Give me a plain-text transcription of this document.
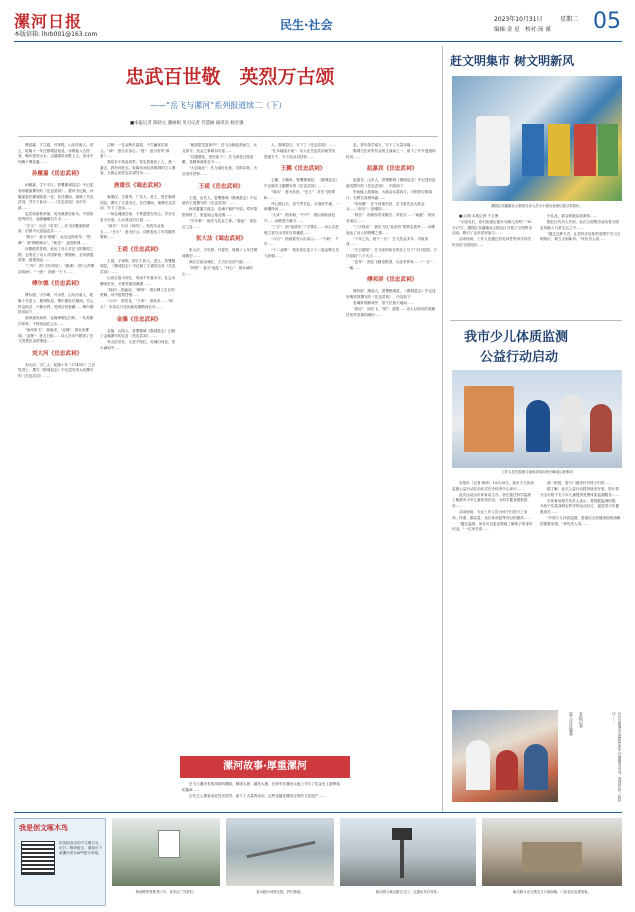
漯河日报
本版信箱: lhrb001@163.com
民生·社会	2023年10月31日	星期二
编辑:金 星　校对:汤 谨 05
忠武百世敬　英烈万古颂
——“岳飞与漯河”系列报道续二（下）
■本报记者 陈晗元 潘丽娟 见习记者 乔慧丽 通讯员 杨宏强

傅廷襄，字立德，号別孤，山东济南人。进士，乾隆十一年任鄢城县知县，诗歌能入白居易，晚年爱好山水，志趣超卓诗歌上文，但诗中均赖于傅廷襄……

孙履嘉《岳忠武祠》

孙履嘉，生于平江，曾署鄢城县志》中记述有孙履嘉撰写的《岳忠武祠》。据该书记载，孙履嘉曾任鄢城知县一任，在任期间，重修了岳忠武祠，并写下此诗……《岳忠武祠》诗中写道……

忠武祠前秋草深，英风凛凛至如今。中原恢复终何日，庙貌巍峨自古今……

"宇文"：出自《宋史》，岳飞因遭诬陷被害，后被平反追谥忠武……

"明日"：意为"明朝"，此处也指来年。"铁骑"：即"精锐骑兵"。"黄龙"：金国都城……

诗歌借景抒情，表达了诗人对岳飞的敬仰之情，也寄托了诗人对国家统一的期盼。全诗情感真挚，意境深远……

"三军"：指"古代军队"；"鼎沸"：指"人声嘈杂喧闹"。"一统"：指统一天下……

傅尔德《岳忠武祠》

傅尔德，字中峰，号余景，山东济南人，乾隆十年进士，鄢城知县。傅尔德在任期间，关心民众疾苦，兴修水利，受到百姓爱戴……傅尔德的诗如下：

南州战伐何时，北阙烽烟忆旧时。一代英雄归草莽，千秋祠庙托云山……

"南州来飞"：指南宋，"北阙"：指北宋都城。"奋挥"：犹言扫除……诗人在诗中歌颂了岳飞英勇抗金的事迹……

刘大河《岳忠武祠》

刘大河，字仁人，乾隆十年（1745年）之后时进士，撰写《鄢城县志》中记述有刘大河撰写的《岳忠武祠》……

注释：一往金辉日暮春，千古幽忧托寒云。"神"：意为全身心。"意"：意为有所"深意"……

我原本不将此祠堂，你怎看看泉上人，我一番去，我有何处去。乾隆年间往来鄢城的文人墨客，大都会到岳忠武祠凭吊……

唐重仪《谒忠武祠》

唐重仪，字重秀，广东人，进士，曾任鄢城知县，撰写了大量诗文。在任期间，重修岳忠武祠，写下了此诗……

一角忠魂凛岳神，千秋遗恨在风尘。亭台无复当年迹，山水犹存旧日春……

"神功"：出自《神功》，形容功业伟大……"岳少"：意为岳云。诗歌表达了对英雄的敬仰……

王禔《岳忠武祠》

王禔，字禅屏，浙江仁和人，进士，曾署鄢城县，《鄢城县志》中记载了王禔的这首《岳忠武祠》……

山河百战今何在，风雨千年意未平。壮志未酬身先死，长使英雄泪满襟……

"祠前"，指庙前，"碑苔"：指石碑上生长的苔藓，诗中借景抒情……

"六出"：指雪花，"天家"：指皇帝……"明月"：本诗以月光比喻英雄精神长存……

金藻《岳忠武祠》

金藻，山阴人，曾署鄢城《鄢城县志》记载了金藻撰写的这首《岳忠武祠》……

青山依旧在，几度夕阳红。英魂归何处，香火满祠中……

"就道恩龙宴如中"：岳飞为朝廷命而生，兵戈如今，抗金之事难以尽述……

"以德感化，爱民如子"：岳飞深受百姓爱戴，其精神流传至今……

"大忠南北"：岳飞南征北战，功勋卓著，为后世所景仰……

王禔《岳忠武祠》

王禔，由吾人，曾署鄢城《鄢城县志》中记载有王禔撰写的《岳忠武祠》……

秋草萋萋古道边，忠魂千载护中原。将军遗恨何时了，犹见南云接北烟……

"当年事"：指岳飞抗金之事。"碧血"：指忠臣之血……

张大法《谒忠武祠》

张大法，字旺屏，号春亭，乾隆十七年任鄢城典史……

满江红韵忠魂在，万古长存浩气留……

"风烟"：意为"战乱"。"丹心"：指赤诚的心……

人，鄢城县任，写下了《岳忠武祠》……

"在本地庙宇前"：诗人在岳忠武祠前凭吊，思绪万千，写下此诗以抒怀……

王鹏《岳忠武祠》

王鹏，字鹏举，曾署鄢城县，《鄢城县志》中记载有王鹏撰写的《岳忠武祠》……

"神话"：意为传说，"岳王"：对岳飞的尊称……

丹心照日月，浩气贯长虹。百战收失地，一朝遭谗凶……

"大宋"：指宋朝，"中兴"：指由衰败而复兴……诗歌借古喻今……

"三字"：指"莫须有"三字罪名……诗人以悲愤之笔写出对奸臣的痛恨……

"六出"：指诸葛亮六出祁山……"千载"：千年……

"十二金牌"：指宋高宗连下十二道金牌召岳飞回朝……

忠，青年游学南方，写下了大量诗篇……

鄢城乃岳家军抗金的主战场之一，留下了许多遗迹和传说……

赵嘉宾《岳忠武祠》

赵嘉宾，山东人，曾署鄢城《鄢城县志》中记述有赵嘉宾撰写的《岳忠武祠》，内容如下：

朱仙镇上战旗扬，大破金兵震四方。可恨奸臣施毒计，空教名将殒风霜……

"朱仙镇"：在今河南开封，岳飞曾在此大败金兵……"奸臣"：指秦桧……

"两宫"：指被俘的宋徽宗、宋钦宗……"南渡"：指宋室南迁……

"三字狱成"：指岳飞以"莫须有"的罪名被杀……诗歌表达了诗人的愤慨之情……

"十年之功，废于一旦"：岳飞抗金多年，功败垂成……

"天日昭昭"：岳飞临刑前在供状上写下"天日昭昭，天日昭昭"八个大字……

"忠孝"：指岳飞精忠报国，以忠孝传家……"一旦"：一朝……

傅邦屏《岳忠武祠》

傅邦屏，湖南人，曾署鄢城县，《鄢城县志》中记述有傅邦屏撰写的《岳忠武祠》，内容如下：

忠魂常绕郾城外，浩气长留天地间……

"孤忠"：指岳飞，"恨"：遗恨……诗人以深沉的笔触抒发对英雄的缅怀……

漯河故事·厚重漯河

岳飞与漯河有着深厚的渊源，郾城大捷、颍昌大捷，岳家军在漯河大地上书写了抗金史上最辉煌的篇章……

历代文人墨客来此凭吊英烈，留下了大量的诗词，这些诗篇是漯河宝贵的文化遗产……

赶文明集市 树文明新风
漯园区邓襄镇北大街家社务人员为小朋友表演垃圾分类知识。

■文/图 本报记者 于文博

"小朋友们，你们知道垃圾分为哪几类吗？"10月27日，漯园区邓襄镇北大街社区开展了文明集市活动，吸引了众多居民参与……

活动现场，工作人员通过有奖问答等形式向居民宣传文明知识……

小礼品，群众积极参加游戏……

据社区负责人介绍，此次文明集市活动将文明宣传融入日常生活之中……

"通过这种方式，让居民在轻松的氛围中学习文明知识，树立文明新风。"该负责人说……

我市少儿体质监测
公益行动启动
工作人员在检测儿童体质前向家长解说注意事项

本报讯（记者 杨沛）10月28日，我市少儿体质监测公益行动启动仪式在市体育中心举行……

此次活动由市体育局主办，旨在通过科学监测了解我市少年儿童体质状况，为科学健身提供指导……

活动现场，专业工作人员为孩子们进行了身高、体重、肺活量、坐位体前屈等项目的测试……

"通过监测，家长可以更直观地了解孩子的身体状况。"一位家长说……

测一阶段，将专门测试针对孩子们的……

据了解，此次公益行动将持续至年底，预计将为全市数千名少年儿童提供免费体质监测服务……

市体育局相关负责人表示，将根据监测结果，为孩子们量身制定科学的运动处方，促进青少年健康成长……

"开展少儿体质监测，是落实全民健身国家战略的重要举措。"该负责人说……

进入社区服务	本报记者	社区志愿者走进居民家中开展服务活动，受到居民一致好评……
我是创文啄木鸟
如发现身边的不文明行为，可扫二维码留言，通知可下载漯河发布APP进行举报。
黄河路等背景旁口中，宣传社广告屏栏。	泰山路沙河桥北段，护栏倒地。	新汉路与黄山路交叉口，交通信号灯异常。	新汉路与光大路交叉口西南侧，门前存在乱堆现象。
